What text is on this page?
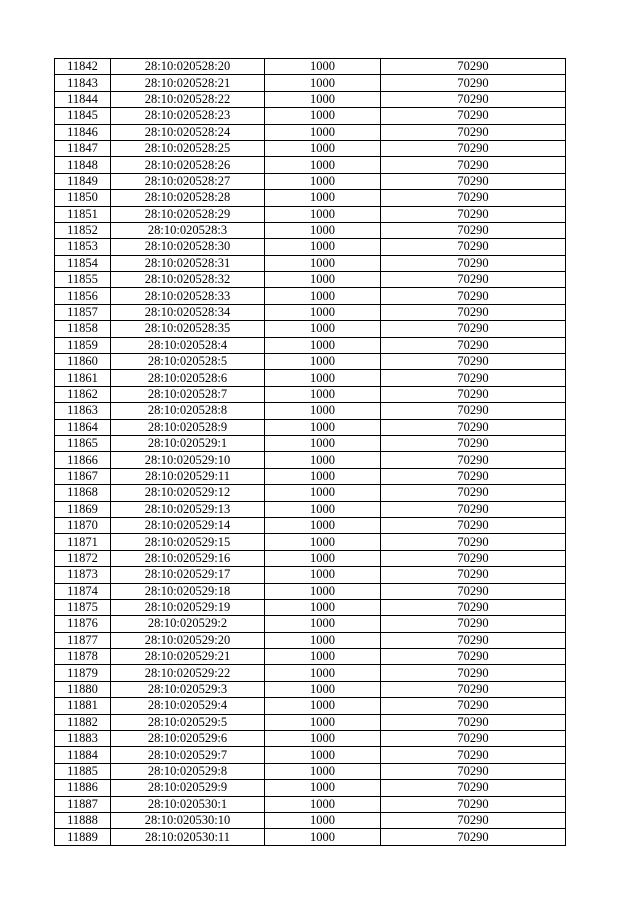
11842	28:10:020528:20	1000	70290
11843	28:10:020528:21	1000	70290
11844	28:10:020528:22	1000	70290
11845	28:10:020528:23	1000	70290
11846	28:10:020528:24	1000	70290
11847	28:10:020528:25	1000	70290
11848	28:10:020528:26	1000	70290
11849	28:10:020528:27	1000	70290
11850	28:10:020528:28	1000	70290
11851	28:10:020528:29	1000	70290
11852	28:10:020528:3	1000	70290
11853	28:10:020528:30	1000	70290
11854	28:10:020528:31	1000	70290
11855	28:10:020528:32	1000	70290
11856	28:10:020528:33	1000	70290
11857	28:10:020528:34	1000	70290
11858	28:10:020528:35	1000	70290
11859	28:10:020528:4	1000	70290
11860	28:10:020528:5	1000	70290
11861	28:10:020528:6	1000	70290
11862	28:10:020528:7	1000	70290
11863	28:10:020528:8	1000	70290
11864	28:10:020528:9	1000	70290
11865	28:10:020529:1	1000	70290
11866	28:10:020529:10	1000	70290
11867	28:10:020529:11	1000	70290
11868	28:10:020529:12	1000	70290
11869	28:10:020529:13	1000	70290
11870	28:10:020529:14	1000	70290
11871	28:10:020529:15	1000	70290
11872	28:10:020529:16	1000	70290
11873	28:10:020529:17	1000	70290
11874	28:10:020529:18	1000	70290
11875	28:10:020529:19	1000	70290
11876	28:10:020529:2	1000	70290
11877	28:10:020529:20	1000	70290
11878	28:10:020529:21	1000	70290
11879	28:10:020529:22	1000	70290
11880	28:10:020529:3	1000	70290
11881	28:10:020529:4	1000	70290
11882	28:10:020529:5	1000	70290
11883	28:10:020529:6	1000	70290
11884	28:10:020529:7	1000	70290
11885	28:10:020529:8	1000	70290
11886	28:10:020529:9	1000	70290
11887	28:10:020530:1	1000	70290
11888	28:10:020530:10	1000	70290
11889	28:10:020530:11	1000	70290
